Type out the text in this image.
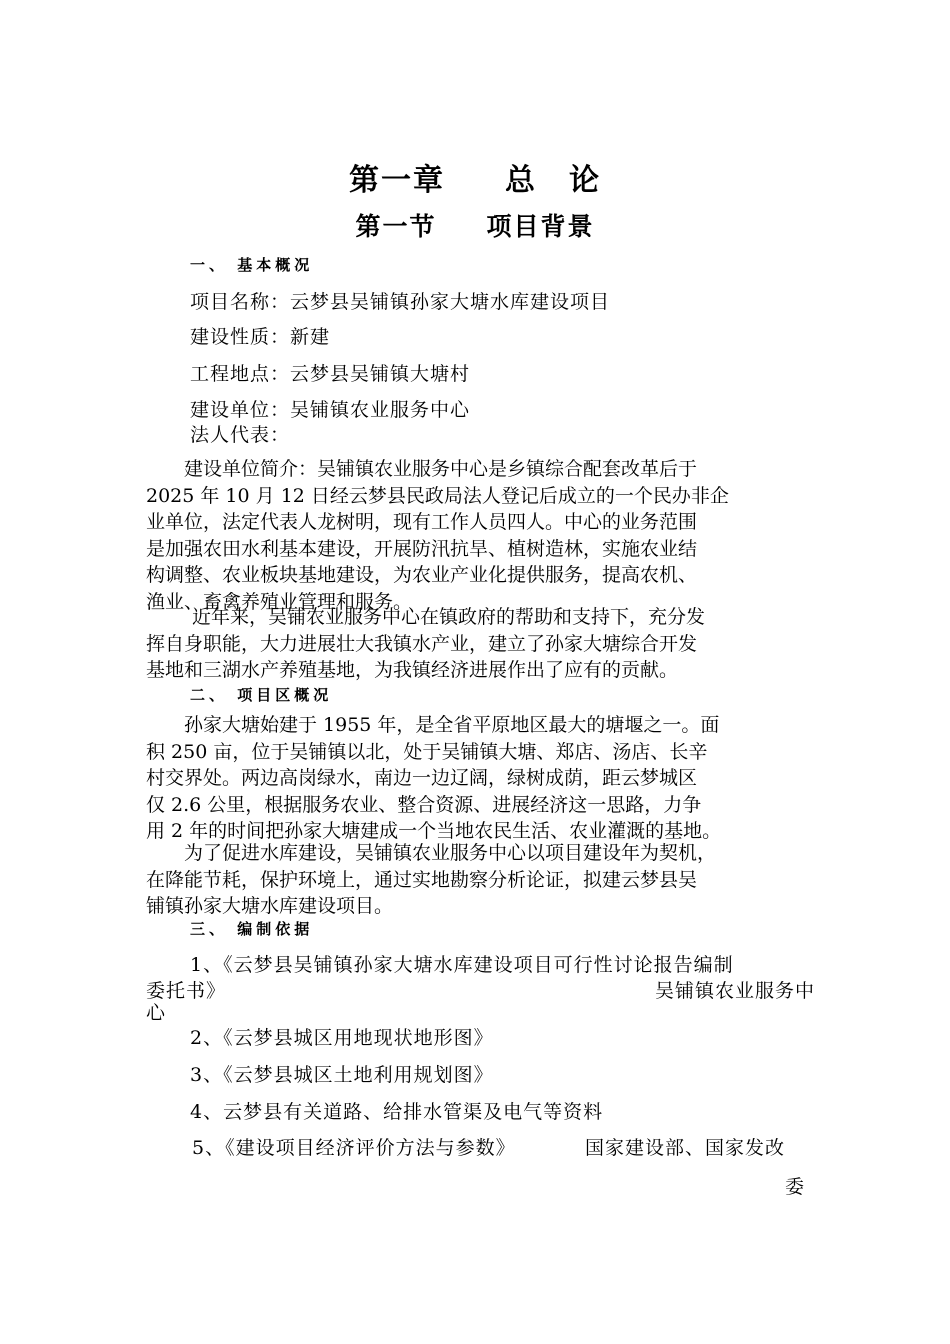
第一章 总　论
第一节 项目背景
一、 基本概况
项目名称：云梦县吴铺镇孙家大塘水库建设项目
建设性质：新建
工程地点：云梦县吴铺镇大塘村
建设单位：吴铺镇农业服务中心
法人代表：
建设单位简介：吴铺镇农业服务中心是乡镇综合配套改革后于
2025 年 10 月 12 日经云梦县民政局法人登记后成立的一个民办非企
业单位，法定代表人龙树明，现有工作人员四人。中心的业务范围
是加强农田水利基本建设，开展防汛抗旱、植树造林，实施农业结
构调整、农业板块基地建设，为农业产业化提供服务，提高农机、
渔业、畜禽养殖业管理和服务。
近年来，吴铺农业服务中心在镇政府的帮助和支持下，充分发
挥自身职能，大力进展壮大我镇水产业，建立了孙家大塘综合开发
基地和三湖水产养殖基地，为我镇经济进展作出了应有的贡献。
二、 项目区概况
孙家大塘始建于 1955 年，是全省平原地区最大的塘堰之一。面
积 250 亩，位于吴铺镇以北，处于吴铺镇大塘、郑店、汤店、长辛
村交界处。两边高岗绿水，南边一边辽阔，绿树成荫，距云梦城区
仅 2.6 公里，根据服务农业、整合资源、进展经济这一思路，力争
用 2 年的时间把孙家大塘建成一个当地农民生活、农业灌溉的基地。
为了促进水库建设，吴铺镇农业服务中心以项目建设年为契机，
在降能节耗，保护环境上，通过实地勘察分析论证，拟建云梦县吴
铺镇孙家大塘水库建设项目。
三、 编制依据
1、《云梦县吴铺镇孙家大塘水库建设项目可行性讨论报告编制
委托书》	吴铺镇农业服务中
心
2、《云梦县城区用地现状地形图》
3、《云梦县城区土地利用规划图》
4、云梦县有关道路、给排水管渠及电气等资料
5、《建设项目经济评价方法与参数》	国家建设部、国家发改
委
